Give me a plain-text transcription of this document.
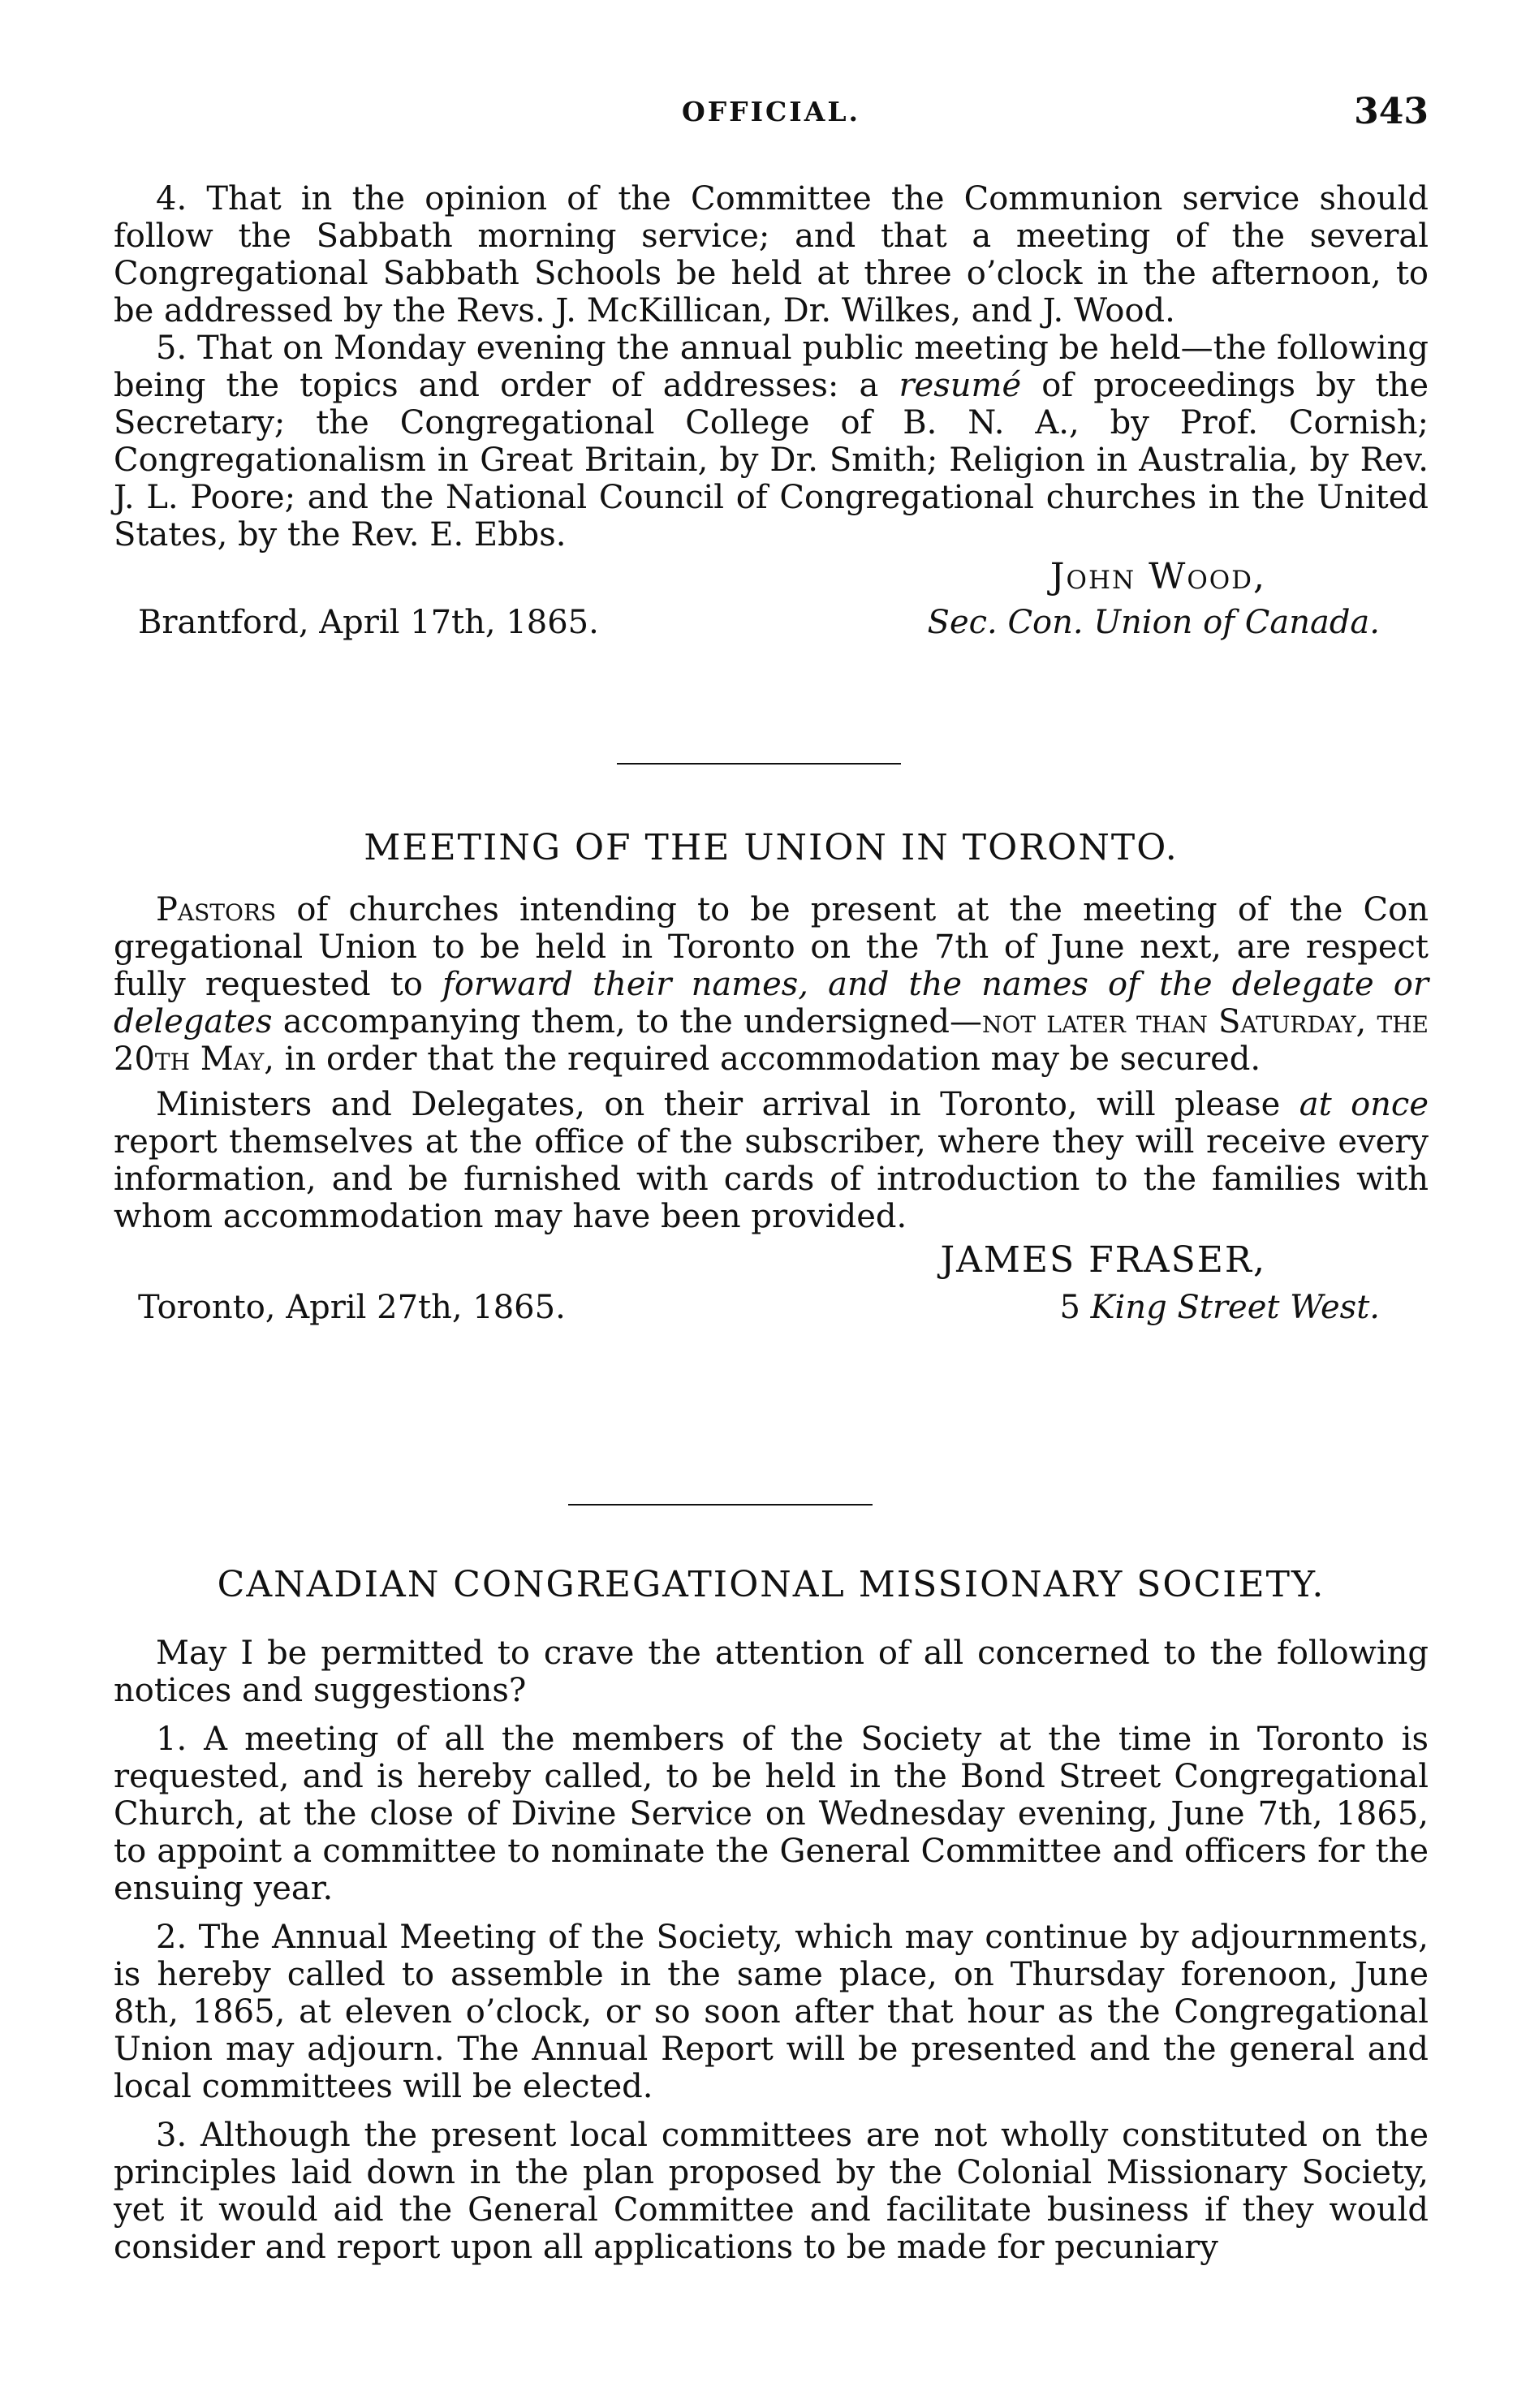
OFFICIAL.	343

4. That in the opinion of the Committee the Communion service should follow the Sabbath morning service; and that a meeting of the several Congregational Sabbath Schools be held at three o’clock in the afternoon, to be addressed by the Revs. J. McKillican, Dr. Wilkes, and J. Wood.

5. That on Monday evening the annual public meeting be held—the following being the topics and order of addresses: a resumé of proceedings by the Secretary; the Congregational College of B. N. A., by Prof. Cornish; Congregationalism in Great Britain, by Dr. Smith; Religion in Australia, by Rev. J. L. Poore; and the National Council of Congregational churches in the United States, by the Rev. E. Ebbs.

John Wood,
Brantford, April 17th, 1865.	Sec. Con. Union of Canada.
MEETING OF THE UNION IN TORONTO.

Pastors of churches intending to be present at the meeting of the Con gregational Union to be held in Toronto on the 7th of June next, are respect fully requested to forward their names, and the names of the delegate or delegates accompanying them, to the undersigned—not later than Saturday, the 20th May, in order that the required accommodation may be secured.

Ministers and Delegates, on their arrival in Toronto, will please at once report themselves at the office of the subscriber, where they will receive every information, and be furnished with cards of introduction to the families with whom accommodation may have been provided.

JAMES FRASER,
Toronto, April 27th, 1865.	5 King Street West.
CANADIAN CONGREGATIONAL MISSIONARY SOCIETY.

May I be permitted to crave the attention of all concerned to the following notices and suggestions?

1. A meeting of all the members of the Society at the time in Toronto is requested, and is hereby called, to be held in the Bond Street Congregational Church, at the close of Divine Service on Wednesday evening, June 7th, 1865, to appoint a committee to nominate the General Committee and officers for the ensuing year.

2. The Annual Meeting of the Society, which may continue by adjournments, is hereby called to assemble in the same place, on Thursday forenoon, June 8th, 1865, at eleven o’clock, or so soon after that hour as the Congregational Union may adjourn. The Annual Report will be presented and the general and local committees will be elected.

3. Although the present local committees are not wholly constituted on the principles laid down in the plan proposed by the Colonial Missionary Society, yet it would aid the General Committee and facilitate business if they would consider and report upon all applications to be made for pecuniary
